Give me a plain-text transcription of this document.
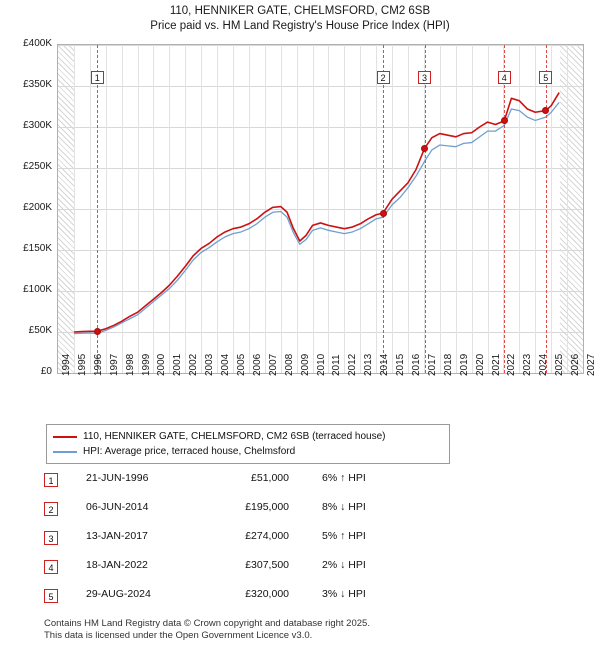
110, HENNIKER GATE, CHELMSFORD, CM2 6SB
Price paid vs. HM Land Registry's House Price Index (HPI)
1	2	3	4	5
£0
£50K
£100K
£150K
£200K
£250K
£300K
£350K
£400K
1994 1995 1996 1997 1998 1999 2000 2001 2002 2003 2004 2005 2006 2007 2008 2009 2010 2011 2012 2013 2014 2015 2016 2017 2018 2019 2020 2021 2022 2023 2024 2025 2026 2027
110, HENNIKER GATE, CHELMSFORD, CM2 6SB (terraced house)
HPI: Average price, terraced house, Chelmsford
1	21-JUN-1996	£51,000	6% ↑ HPI
2	06-JUN-2014	£195,000	8% ↓ HPI
3	13-JAN-2017	£274,000	5% ↑ HPI
4	18-JAN-2022	£307,500	2% ↓ HPI
5	29-AUG-2024	£320,000	3% ↓ HPI
Contains HM Land Registry data © Crown copyright and database right 2025.
This data is licensed under the Open Government Licence v3.0.
